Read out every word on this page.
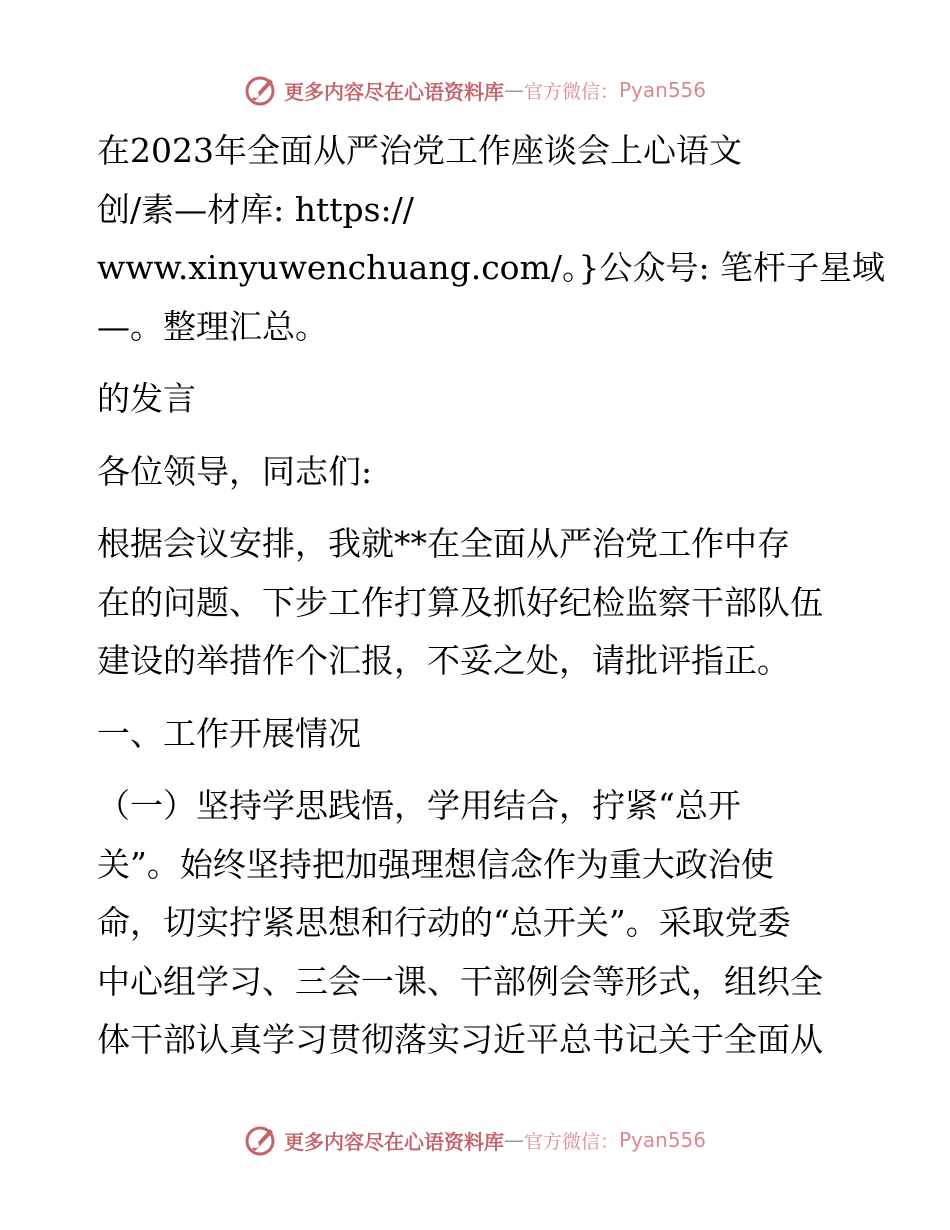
更多内容尽在心语资料库 — 官方微信： Pyan556

在2023年全面从严治党工作座谈会上心语文

创/素—材库: https://

www.xinyuwenchuang.com/。}公众号: 笔杆子星域

—。整理汇总。

的发言

各位领导，同志们:

根据会议安排，我就**在全面从严治党工作中存

在的问题、下步工作打算及抓好纪检监察干部队伍

建设的举措作个汇报，不妥之处，请批评指正。

一、工作开展情况

（一）坚持学思践悟，学用结合，拧紧“总开

关”。始终坚持把加强理想信念作为重大政治使

命，切实拧紧思想和行动的“总开关”。采取党委

中心组学习、三会一课、干部例会等形式，组织全

体干部认真学习贯彻落实习近平总书记关于全面从

更多内容尽在心语资料库 — 官方微信： Pyan556
